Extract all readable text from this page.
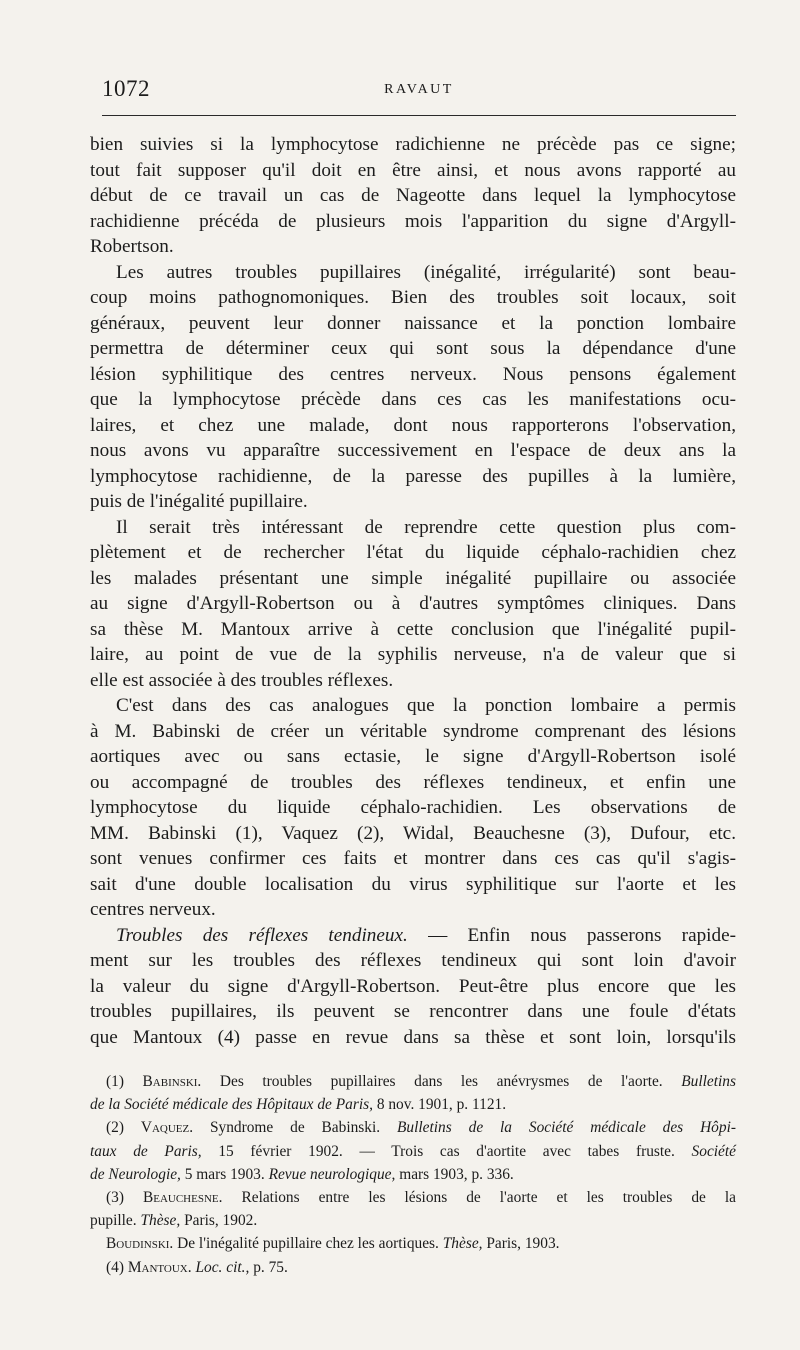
1072	RAVAUT
bien suivies si la lymphocytose radichienne ne précède pas ce signe;
tout fait supposer qu'il doit en être ainsi, et nous avons rapporté au
début de ce travail un cas de Nageotte dans lequel la lymphocytose
rachidienne précéda de plusieurs mois l'apparition du signe d'Argyll-
Robertson.
Les autres troubles pupillaires (inégalité, irrégularité) sont beau-
coup moins pathognomoniques. Bien des troubles soit locaux, soit
généraux, peuvent leur donner naissance et la ponction lombaire
permettra de déterminer ceux qui sont sous la dépendance d'une
lésion syphilitique des centres nerveux. Nous pensons également
que la lymphocytose précède dans ces cas les manifestations ocu-
laires, et chez une malade, dont nous rapporterons l'observation,
nous avons vu apparaître successivement en l'espace de deux ans la
lymphocytose rachidienne, de la paresse des pupilles à la lumière,
puis de l'inégalité pupillaire.
Il serait très intéressant de reprendre cette question plus com-
plètement et de rechercher l'état du liquide céphalo-rachidien chez
les malades présentant une simple inégalité pupillaire ou associée
au signe d'Argyll-Robertson ou à d'autres symptômes cliniques. Dans
sa thèse M. Mantoux arrive à cette conclusion que l'inégalité pupil-
laire, au point de vue de la syphilis nerveuse, n'a de valeur que si
elle est associée à des troubles réflexes.
C'est dans des cas analogues que la ponction lombaire a permis
à M. Babinski de créer un véritable syndrome comprenant des lésions
aortiques avec ou sans ectasie, le signe d'Argyll-Robertson isolé
ou accompagné de troubles des réflexes tendineux, et enfin une
lymphocytose du liquide céphalo-rachidien. Les observations de
MM. Babinski (1), Vaquez (2), Widal, Beauchesne (3), Dufour, etc.
sont venues confirmer ces faits et montrer dans ces cas qu'il s'agis-
sait d'une double localisation du virus syphilitique sur l'aorte et les
centres nerveux.
Troubles des réflexes tendineux. — Enfin nous passerons rapide-
ment sur les troubles des réflexes tendineux qui sont loin d'avoir
la valeur du signe d'Argyll-Robertson. Peut-être plus encore que les
troubles pupillaires, ils peuvent se rencontrer dans une foule d'états
que Mantoux (4) passe en revue dans sa thèse et sont loin, lorsqu'ils
(1) Babinski. Des troubles pupillaires dans les anévrysmes de l'aorte. Bulletins
de la Société médicale des Hôpitaux de Paris, 8 nov. 1901, p. 1121.
(2) Vaquez. Syndrome de Babinski. Bulletins de la Société médicale des Hôpi-
taux de Paris, 15 février 1902. — Trois cas d'aortite avec tabes fruste. Société
de Neurologie, 5 mars 1903. Revue neurologique, mars 1903, p. 336.
(3) Beauchesne. Relations entre les lésions de l'aorte et les troubles de la
pupille. Thèse, Paris, 1902.
Boudinski. De l'inégalité pupillaire chez les aortiques. Thèse, Paris, 1903.
(4) Mantoux. Loc. cit., p. 75.
